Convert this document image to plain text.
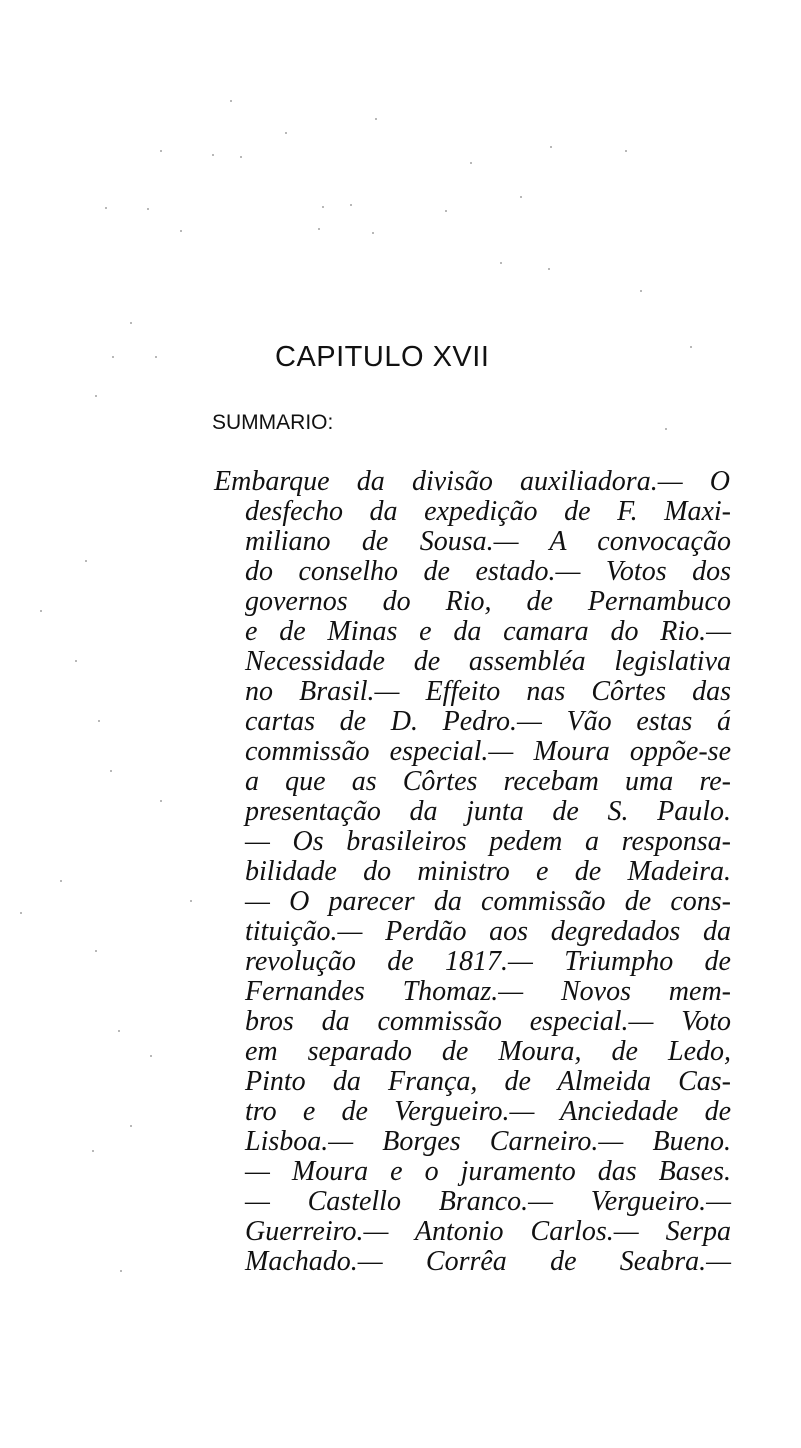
CAPITULO XVII

SUMMARIO:

Embarque da divisão auxiliadora.— O
desfecho da expedição de F. Maxi-
miliano de Sousa.— A convocação
do conselho de estado.— Votos dos
governos do Rio, de Pernambuco
e de Minas e da camara do Rio.—
Necessidade de assembléa legislativa
no Brasil.— Effeito nas Côrtes das
cartas de D. Pedro.— Vão estas á
commissão especial.— Moura oppõe-se
a que as Côrtes recebam uma re-
presentação da junta de S. Paulo.
— Os brasileiros pedem a responsa-
bilidade do ministro e de Madeira.
— O parecer da commissão de cons-
tituição.— Perdão aos degredados da
revolução de 1817.— Triumpho de
Fernandes Thomaz.— Novos mem-
bros da commissão especial.— Voto
em separado de Moura, de Ledo,
Pinto da França, de Almeida Cas-
tro e de Vergueiro.— Anciedade de
Lisboa.— Borges Carneiro.— Bueno.
— Moura e o juramento das Bases.
— Castello Branco.— Vergueiro.—
Guerreiro.— Antonio Carlos.— Serpa
Machado.— Corrêa de Seabra.—
